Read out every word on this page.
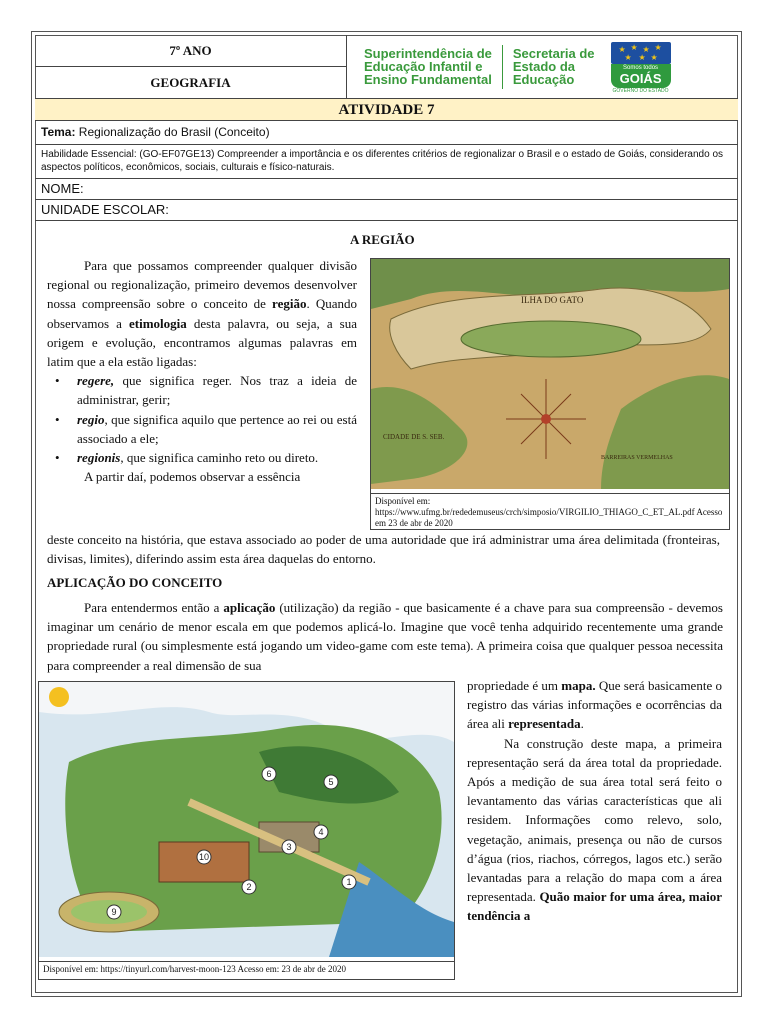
7º ANO
GEOGRAFIA
Superintendência de
Educação Infantil e
Ensino Fundamental
Secretaria de
Estado da
Educação
★ ★ ★ ★
★ ★ ★
Somos todos
GOIÁS
GOVERNO DO ESTADO
ATIVIDADE 7
Tema: Regionalização do Brasil (Conceito)
Habilidade Essencial: (GO-EF07GE13) Compreender a importância e os diferentes critérios de regionalizar o Brasil e o estado de Goiás, considerando os aspectos políticos, econômicos, sociais, culturais e físico-naturais.
NOME:
UNIDADE ESCOLAR:
A REGIÃO
Para que possamos compreender qualquer divisão regional ou regionalização, primeiro devemos desenvolver nossa compreensão sobre o conceito de região. Quando observamos a etimologia desta palavra, ou seja, a sua origem e evolução, encontramos algumas palavras em latim que a ela estão ligadas:
• regere, que significa reger. Nos traz a ideia de administrar, gerir;
• regio, que significa aquilo que pertence ao rei ou está associado a ele;
• regionis, que significa caminho reto ou direto.
A partir daí, podemos observar a essência
deste conceito na história, que estava associado ao poder de uma autoridade que irá administrar uma área delimitada (fronteiras, divisas, limites), diferindo assim esta área daquelas do entorno.
ILHA DO GATO
CIDADE DE S. SEB.
BARREIRAS VERMELHAS
Disponível em: https://www.ufmg.br/rededemuseus/crch/simposio/VIRGILIO_THIAGO_C_ET_AL.pdf Acesso em 23 de abr de 2020
APLICAÇÃO DO CONCEITO
Para entendermos então a aplicação (utilização) da região - que basicamente é a chave para sua compreensão - devemos imaginar um cenário de menor escala em que podemos aplicá-lo. Imagine que você tenha adquirido recentemente uma grande propriedade rural (ou simplesmente está jogando um video-game com este tema). A primeira coisa que qualquer pessoa necessita para compreender a real dimensão de sua
6
5
10
1
9
3
4
2
Disponível em: https://tinyurl.com/harvest-moon-123 Acesso em: 23 de abr de 2020
propriedade é um mapa. Que será basicamente o registro das várias informações e ocorrências da área ali representada.
Na construção deste mapa, a primeira representação será da área total da propriedade. Após a medição de sua área total será feito o levantamento das várias características que ali residem. Informações como relevo, solo, vegetação, animais, presença ou não de cursos d’água (rios, riachos, córregos, lagos etc.) serão levantadas para a relação do mapa com a área representada. Quão maior for uma área, maior tendência a
